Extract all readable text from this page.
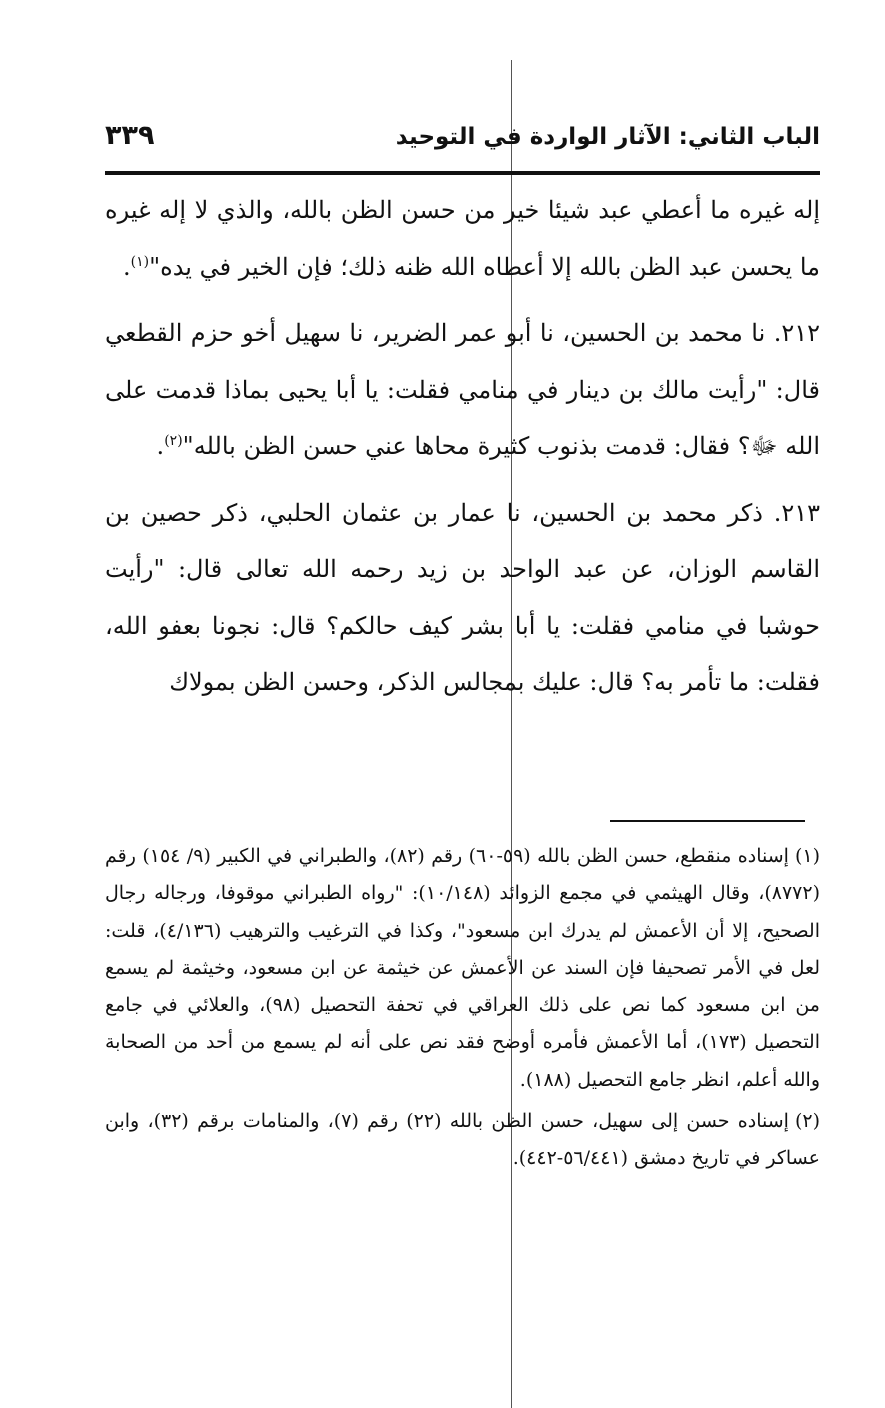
الباب الثاني: الآثار الواردة في التوحيد
٣٣٩

إله غيره ما أعطي عبد شيئا خير من حسن الظن بالله، والذي لا إله غيره ما يحسن عبد الظن بالله إلا أعطاه الله ظنه ذلك؛ فإن الخير في يده"$^{(١)}$.

٢١٢. نا محمد بن الحسين، نا أبو عمر الضرير، نا سهيل أخو حزم القطعي قال: "رأيت مالك بن دينار في منامي فقلت: يا أبا يحيى بماذا قدمت على الله ﷻ؟ فقال: قدمت بذنوب كثيرة محاها عني حسن الظن بالله"$^{(٢)}$.

٢١٣. ذكر محمد بن الحسين، نا عمار بن عثمان الحلبي، ذكر حصين بن القاسم الوزان، عن عبد الواحد بن زيد رحمه الله تعالى قال: "رأيت حوشبا في منامي فقلت: يا أبا بشر كيف حالكم؟ قال: نجونا بعفو الله، فقلت: ما تأمر به؟ قال: عليك بمجالس الذكر، وحسن الظن بمولاك

(١)إسناده منقطع، حسن الظن بالله (٥٩-٦٠) رقم (٨٢)، والطبراني في الكبير (٩/ ١٥٤) رقم (٨٧٧٢)، وقال الهيثمي في مجمع الزوائد (١٠/١٤٨): "رواه الطبراني موقوفا، ورجاله رجال الصحيح، إلا أن الأعمش لم يدرك ابن مسعود"، وكذا في الترغيب والترهيب (٤/١٣٦)، قلت: لعل في الأمر تصحيفا فإن السند عن الأعمش عن خيثمة عن ابن مسعود، وخيثمة لم يسمع من ابن مسعود كما نص على ذلك العراقي في تحفة التحصيل (٩٨)، والعلائي في جامع التحصيل (١٧٣)، أما الأعمش فأمره أوضح فقد نص على أنه لم يسمع من أحد من الصحابة والله أعلم، انظر جامع التحصيل (١٨٨).

(٢)إسناده حسن إلى سهيل، حسن الظن بالله (٢٢) رقم (٧)، والمنامات برقم (٣٢)، وابن عساكر في تاريخ دمشق (٥٦/٤٤١-٤٤٢).
